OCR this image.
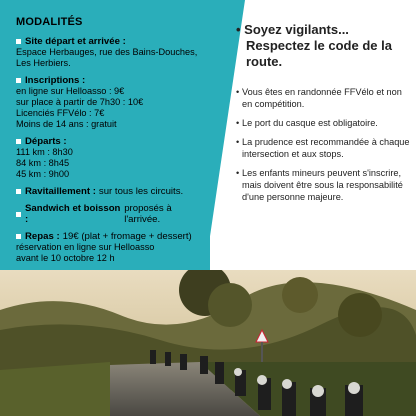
MODALITÉS
Site départ et arrivée :
Espace Herbauges, rue des Bains-Douches,
Les Herbiers.
Inscriptions :
en ligne sur Helloasso : 9€
sur place à partir de 7h30 : 10€
Licenciés FFVélo : 7€
Moins de 14 ans : gratuit
Départs :
111 km : 8h30
84 km : 8h45
45 km : 9h00
Ravitaillement : sur tous les circuits.
Sandwich et boisson :
proposés à l'arrivée.
Repas : 19€ (plat + fromage + dessert)
réservation en ligne sur Helloasso
avant le 10 octobre 12 h
• Soyez vigilants...
Respectez le code de la route.
• Vous êtes en randonnée FFVélo et non en compétition.
• Le port du casque est obligatoire.
• La prudence est recommandée à chaque intersection et aux stops.
• Les enfants mineurs peuvent s'inscrire, mais doivent être sous la responsabilité d'une personne majeure.
